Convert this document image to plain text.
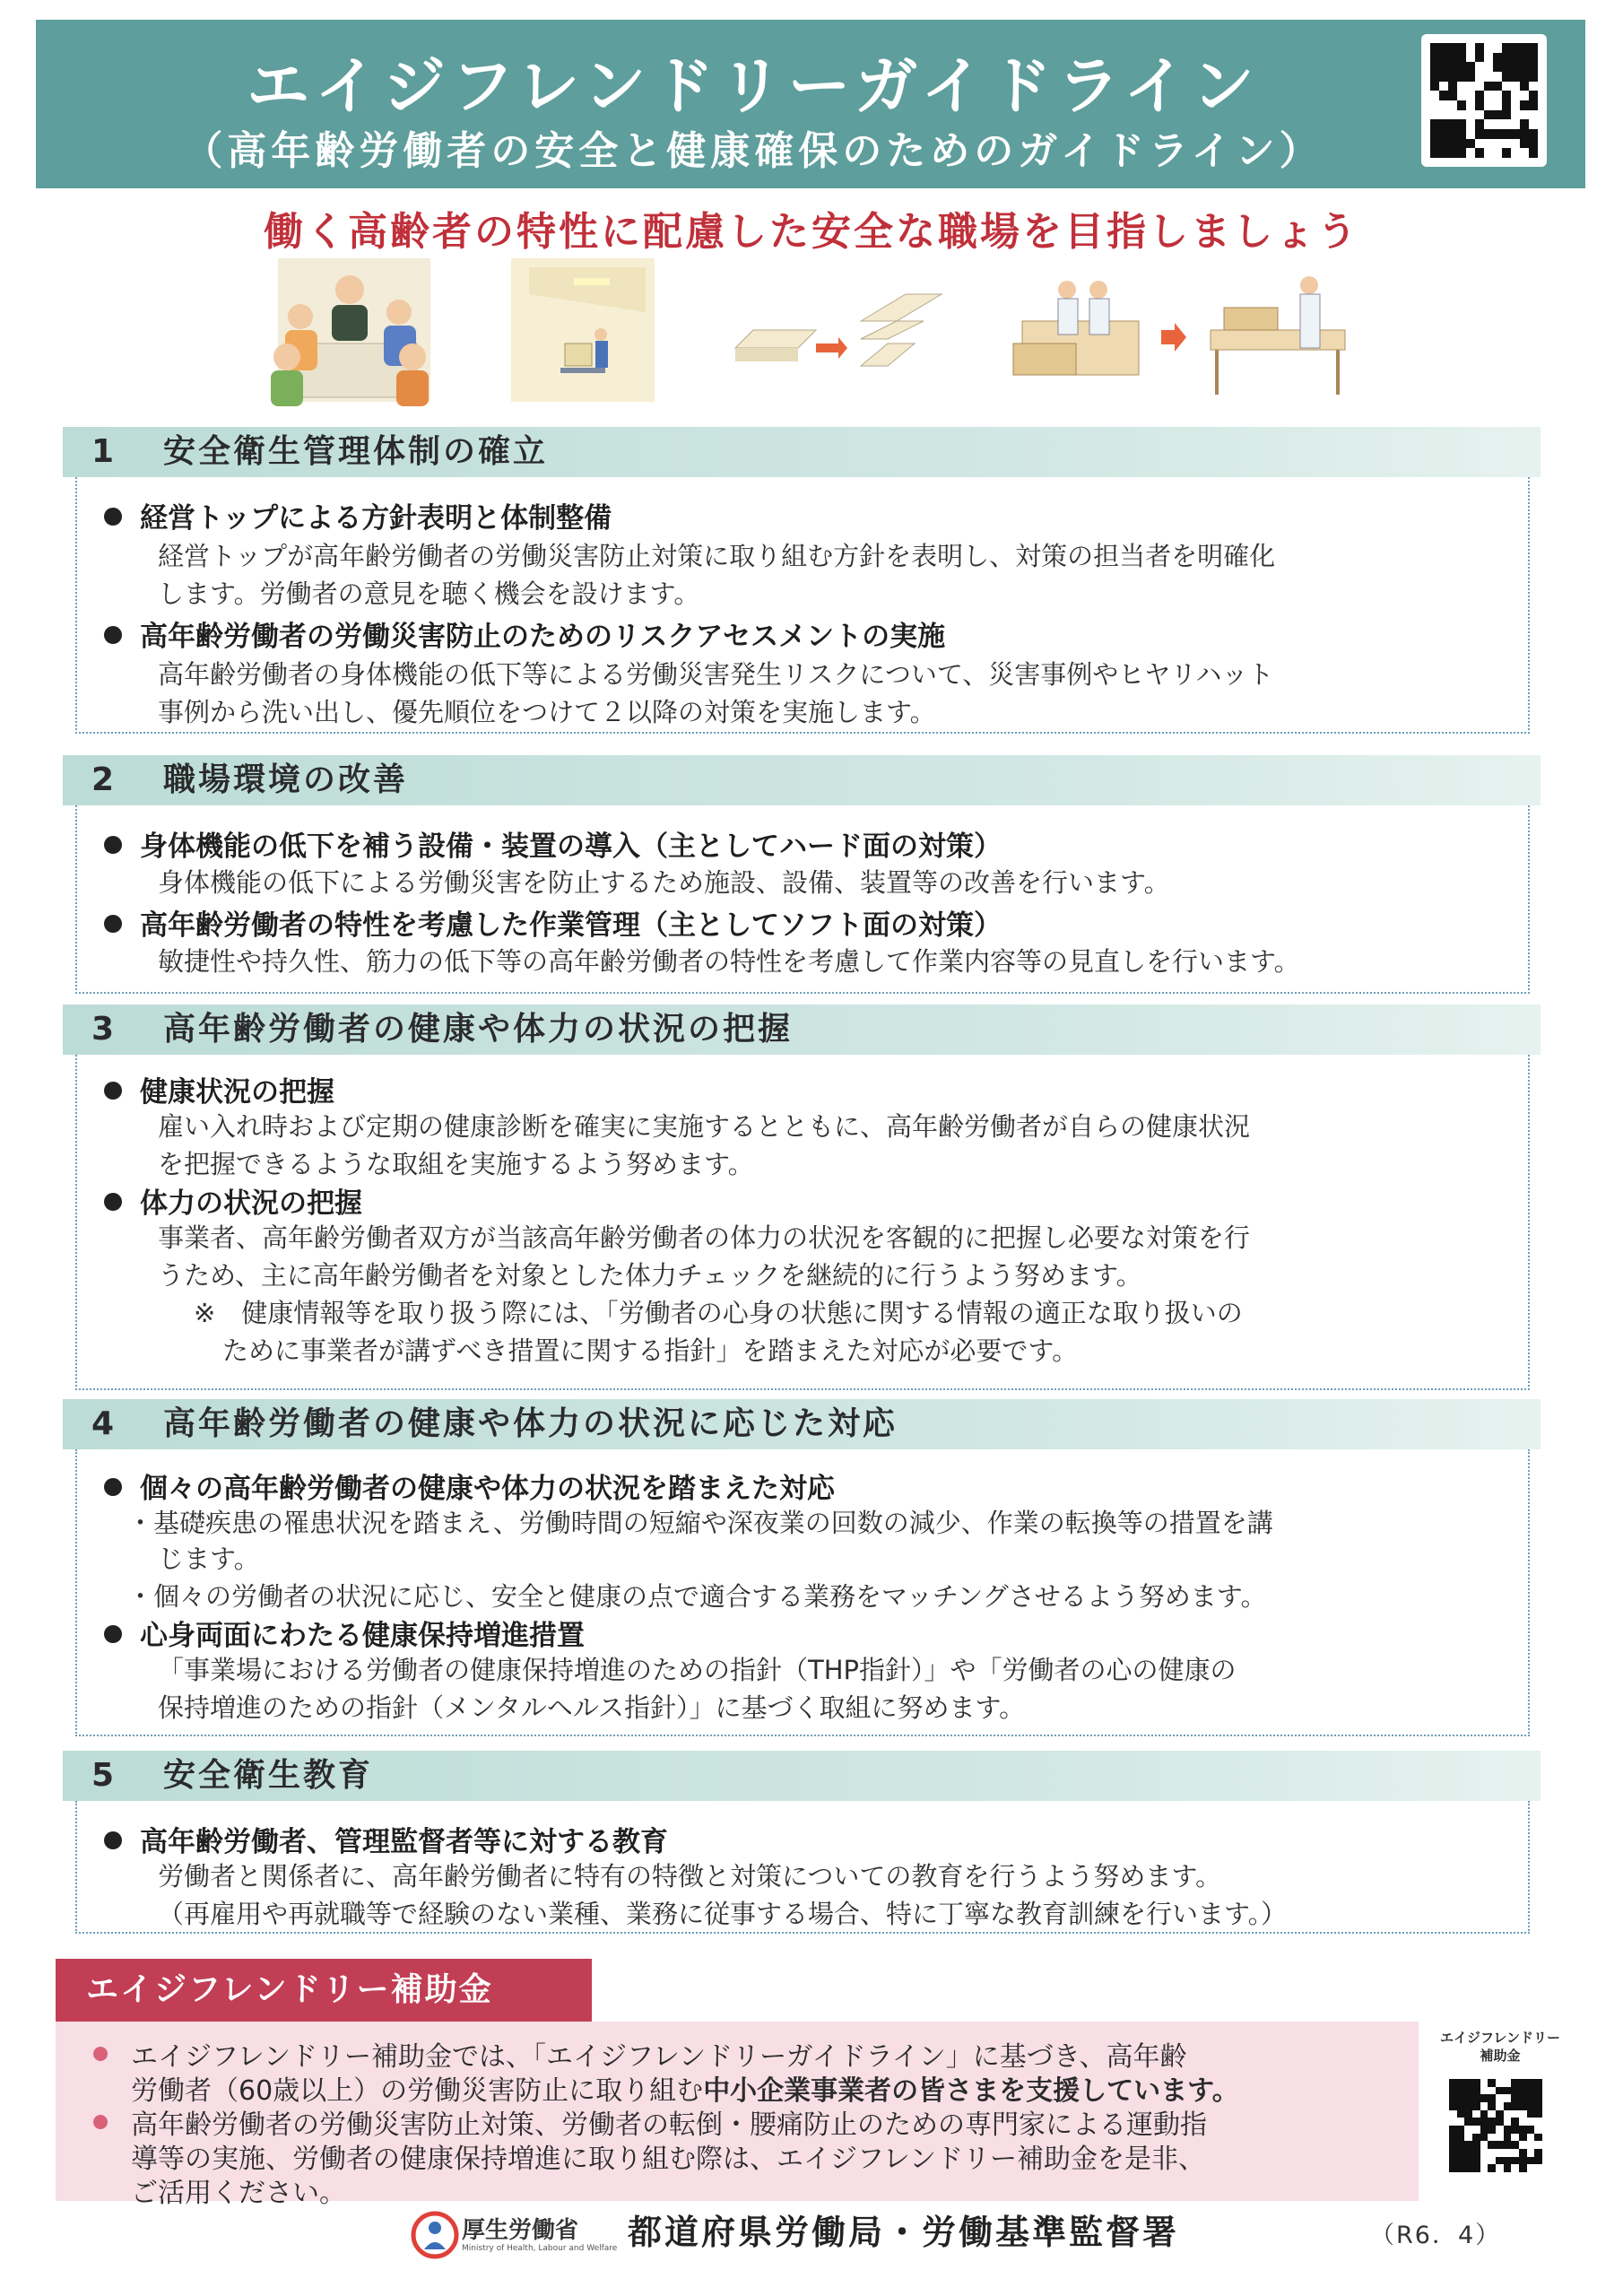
エイジフレンドリーガイドライン
（高年齢労働者の安全と健康確保のためのガイドライン）
働く高齢者の特性に配慮した安全な職場を目指しましょう
1 安全衛生管理体制の確立
経営トップによる方針表明と体制整備
経営トップが高年齢労働者の労働災害防止対策に取り組む方針を表明し、対策の担当者を明確化
します。労働者の意見を聴く機会を設けます。
高年齢労働者の労働災害防止のためのリスクアセスメントの実施
高年齢労働者の身体機能の低下等による労働災害発生リスクについて、災害事例やヒヤリハット
事例から洗い出し、優先順位をつけて２以降の対策を実施します。
2 職場環境の改善
身体機能の低下を補う設備・装置の導入（主としてハード面の対策）
身体機能の低下による労働災害を防止するため施設、設備、装置等の改善を行います。
高年齢労働者の特性を考慮した作業管理（主としてソフト面の対策）
敏捷性や持久性、筋力の低下等の高年齢労働者の特性を考慮して作業内容等の見直しを行います。
3 高年齢労働者の健康や体力の状況の把握
健康状況の把握
雇い入れ時および定期の健康診断を確実に実施するとともに、高年齢労働者が自らの健康状況
を把握できるような取組を実施するよう努めます。
体力の状況の把握
事業者、高年齢労働者双方が当該高年齢労働者の体力の状況を客観的に把握し必要な対策を行
うため、主に高年齢労働者を対象とした体力チェックを継続的に行うよう努めます。
※　健康情報等を取り扱う際には、「労働者の心身の状態に関する情報の適正な取り扱いの
ために事業者が講ずべき措置に関する指針」を踏まえた対応が必要です。
4 高年齢労働者の健康や体力の状況に応じた対応
個々の高年齢労働者の健康や体力の状況を踏まえた対応
・基礎疾患の罹患状況を踏まえ、労働時間の短縮や深夜業の回数の減少、作業の転換等の措置を講
じます。
・個々の労働者の状況に応じ、安全と健康の点で適合する業務をマッチングさせるよう努めます。
心身両面にわたる健康保持増進措置
「事業場における労働者の健康保持増進のための指針（THP指針）」や「労働者の心の健康の
保持増進のための指針（メンタルヘルス指針）」に基づく取組に努めます。
5 安全衛生教育
高年齢労働者、管理監督者等に対する教育
労働者と関係者に、高年齢労働者に特有の特徴と対策についての教育を行うよう努めます。
（再雇用や再就職等で経験のない業種、業務に従事する場合、特に丁寧な教育訓練を行います。）
エイジフレンドリー補助金
エイジフレンドリー補助金では、「エイジフレンドリーガイドライン」に基づき、高年齢
労働者（60歳以上）の労働災害防止に取り組む中小企業事業者の皆さまを支援しています。
高年齢労働者の労働災害防止対策、労働者の転倒・腰痛防止のための専門家による運動指
導等の実施、労働者の健康保持増進に取り組む際は、エイジフレンドリー補助金を是非、
ご活用ください。
エイジフレンドリー
補助金
厚生労働省
Ministry of Health, Labour and Welfare 都道府県労働局・労働基準監督署	（R6．4）
